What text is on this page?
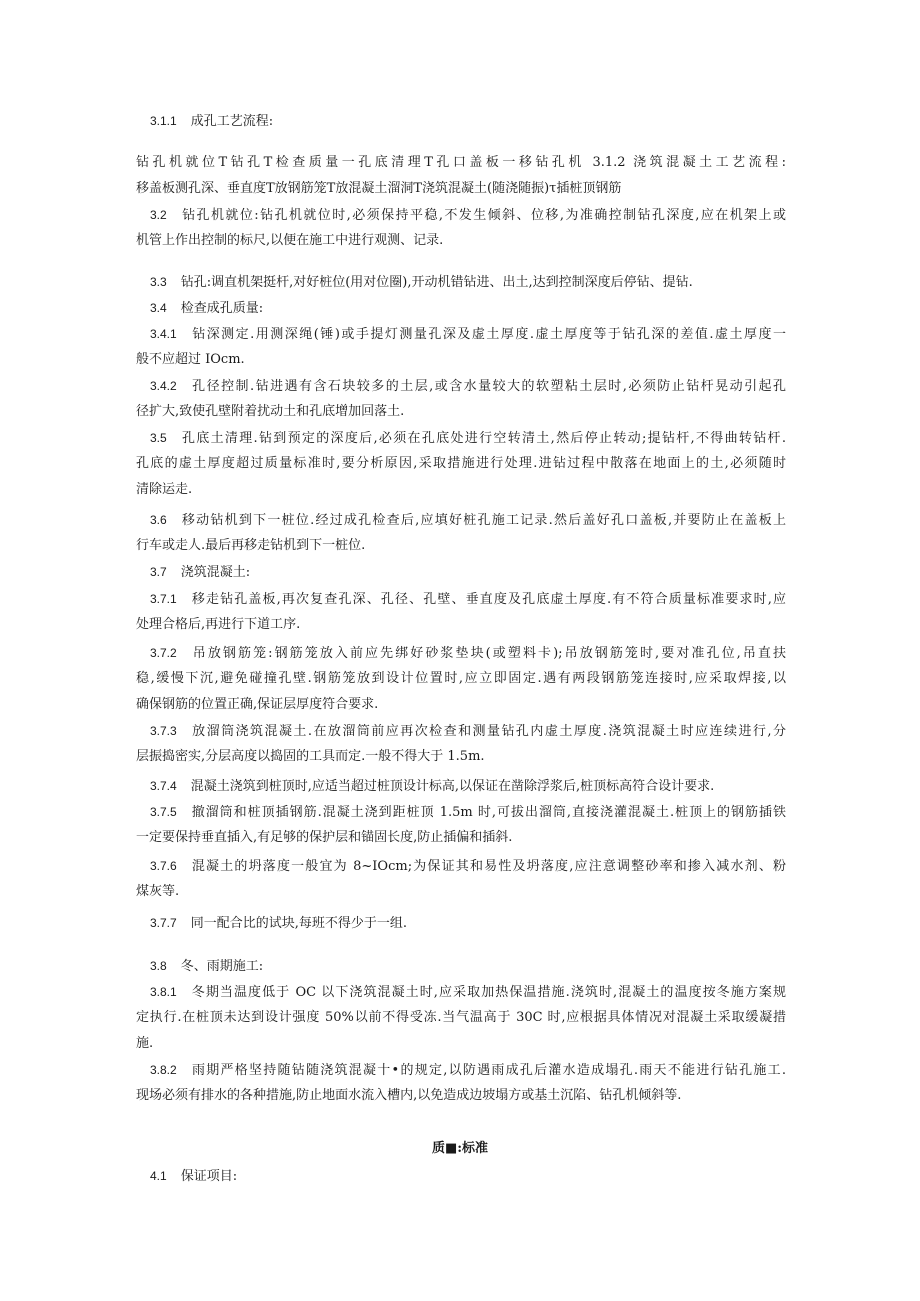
3.1.1 成孔工艺流程:
钻孔机就位T钻孔T检查质量一孔底清理T孔口盖板一移钻孔机 3.1.2 浇筑混凝土工艺流程:
移盖板测孔深、垂直度T放钢筋笼T放混凝土溜洞T浇筑混凝土(随浇随振)τ插桩顶钢筋
3.2 钻孔机就位:钻孔机就位时,必须保持平稳,不发生倾斜、位移,为准确控制钻孔深度,应在机架上或
机管上作出控制的标尺,以便在施工中进行观测、记录.
3.3 钻孔:调直机架挺杆,对好桩位(用对位圈),开动机错钻进、出土,达到控制深度后停钻、提钻.
3.4 检查成孔质量:
3.4.1 钻深测定.用测深绳(锤)或手提灯测量孔深及虚土厚度.虚土厚度等于钻孔深的差值.虚土厚度一
般不应超过 IOcm.
3.4.2 孔径控制.钻进遇有含石块较多的土层,或含水量较大的软塑粘土层时,必须防止钻杆晃动引起孔
径扩大,致使孔壁附着扰动土和孔底增加回落土.
3.5 孔底土清理.钻到预定的深度后,必须在孔底处进行空转清土,然后停止转动;提钻杆,不得曲转钻杆.
孔底的虚土厚度超过质量标准时,要分析原因,采取措施进行处理.进钻过程中散落在地面上的土,必须随时
清除运走.
3.6 移动钻机到下一桩位.经过成孔检查后,应填好桩孔施工记录.然后盖好孔口盖板,并要防止在盖板上
行车或走人.最后再移走钻机到下一桩位.
3.7 浇筑混凝土:
3.7.1 移走钻孔盖板,再次复查孔深、孔径、孔壁、垂直度及孔底虚土厚度.有不符合质量标准要求时,应
处理合格后,再进行下道工序.
3.7.2 吊放钢筋笼:钢筋笼放入前应先绑好砂浆垫块(或塑料卡);吊放钢筋笼时,要对准孔位,吊直扶
稳,缓慢下沉,避免碰撞孔壁.钢筋笼放到设计位置时,应立即固定.遇有两段钢筋笼连接时,应采取焊接,以
确保钢筋的位置正确,保证层厚度符合要求.
3.7.3 放溜筒浇筑混凝土.在放溜筒前应再次检查和测量钻孔内虚土厚度.浇筑混凝土时应连续进行,分
层振捣密实,分层高度以捣固的工具而定.一般不得大于 1.5m.
3.7.4 混凝土浇筑到桩顶时,应适当超过桩顶设计标高,以保证在凿除浮浆后,桩顶标高符合设计要求.
3.7.5 撤溜筒和桩顶插钢筋.混凝土浇到距桩顶 1.5m 时,可拔出溜筒,直接浇灌混凝土.桩顶上的钢筋插铁
一定要保持垂直插入,有足够的保护层和锚固长度,防止插偏和插斜.
3.7.6 混凝土的坍落度一般宜为 8~IOcm;为保证其和易性及坍落度,应注意调整砂率和掺入减水剂、粉
煤灰等.
3.7.7 同一配合比的试块,每班不得少于一组.
3.8 冬、雨期施工:
3.8.1 冬期当温度低于 OC 以下浇筑混凝土时,应采取加热保温措施.浇筑时,混凝土的温度按冬施方案规
定执行.在桩顶未达到设计强度 50%以前不得受冻.当气温高于 30C 时,应根据具体情况对混凝土采取缓凝措
施.
3.8.2 雨期严格坚持随钻随浇筑混凝十•的规定,以防遇雨成孔后灌水造成塌孔.雨天不能进行钻孔施工.
现场必须有排水的各种措施,防止地面水流入槽内,以免造成边坡塌方或基土沉陷、钻孔机倾斜等.
质■:标准
4.1 保证项目:
